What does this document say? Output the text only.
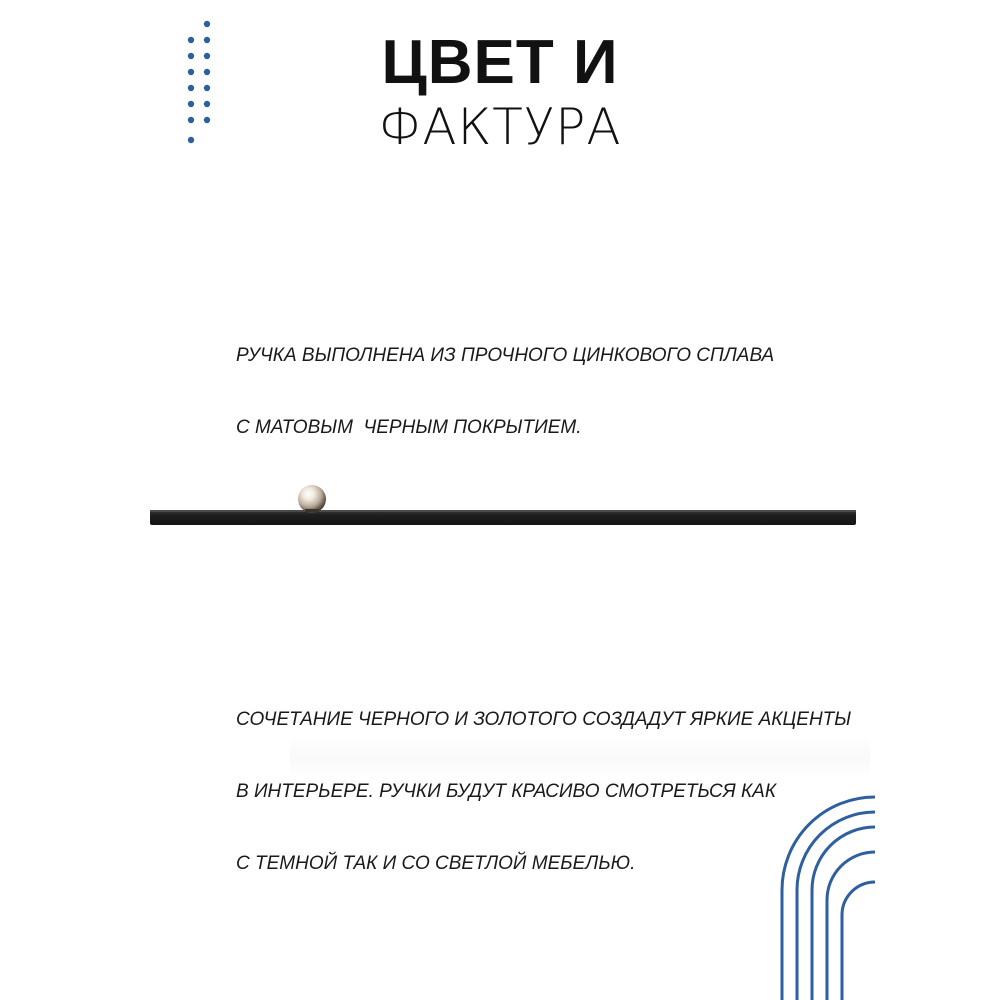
ЦВЕТ И
ФАКТУРА

РУЧКА ВЫПОЛНЕНА ИЗ ПРОЧНОГО ЦИНКОВОГО СПЛАВА

С МАТОВЫМ  ЧЕРНЫМ ПОКРЫТИЕМ.

СОЧЕТАНИЕ ЧЕРНОГО И ЗОЛОТОГО СОЗДАДУТ ЯРКИЕ АКЦЕНТЫ

В ИНТЕРЬЕРЕ. РУЧКИ БУДУТ КРАСИВО СМОТРЕТЬСЯ КАК

С ТЕМНОЙ ТАК И СО СВЕТЛОЙ МЕБЕЛЬЮ.
